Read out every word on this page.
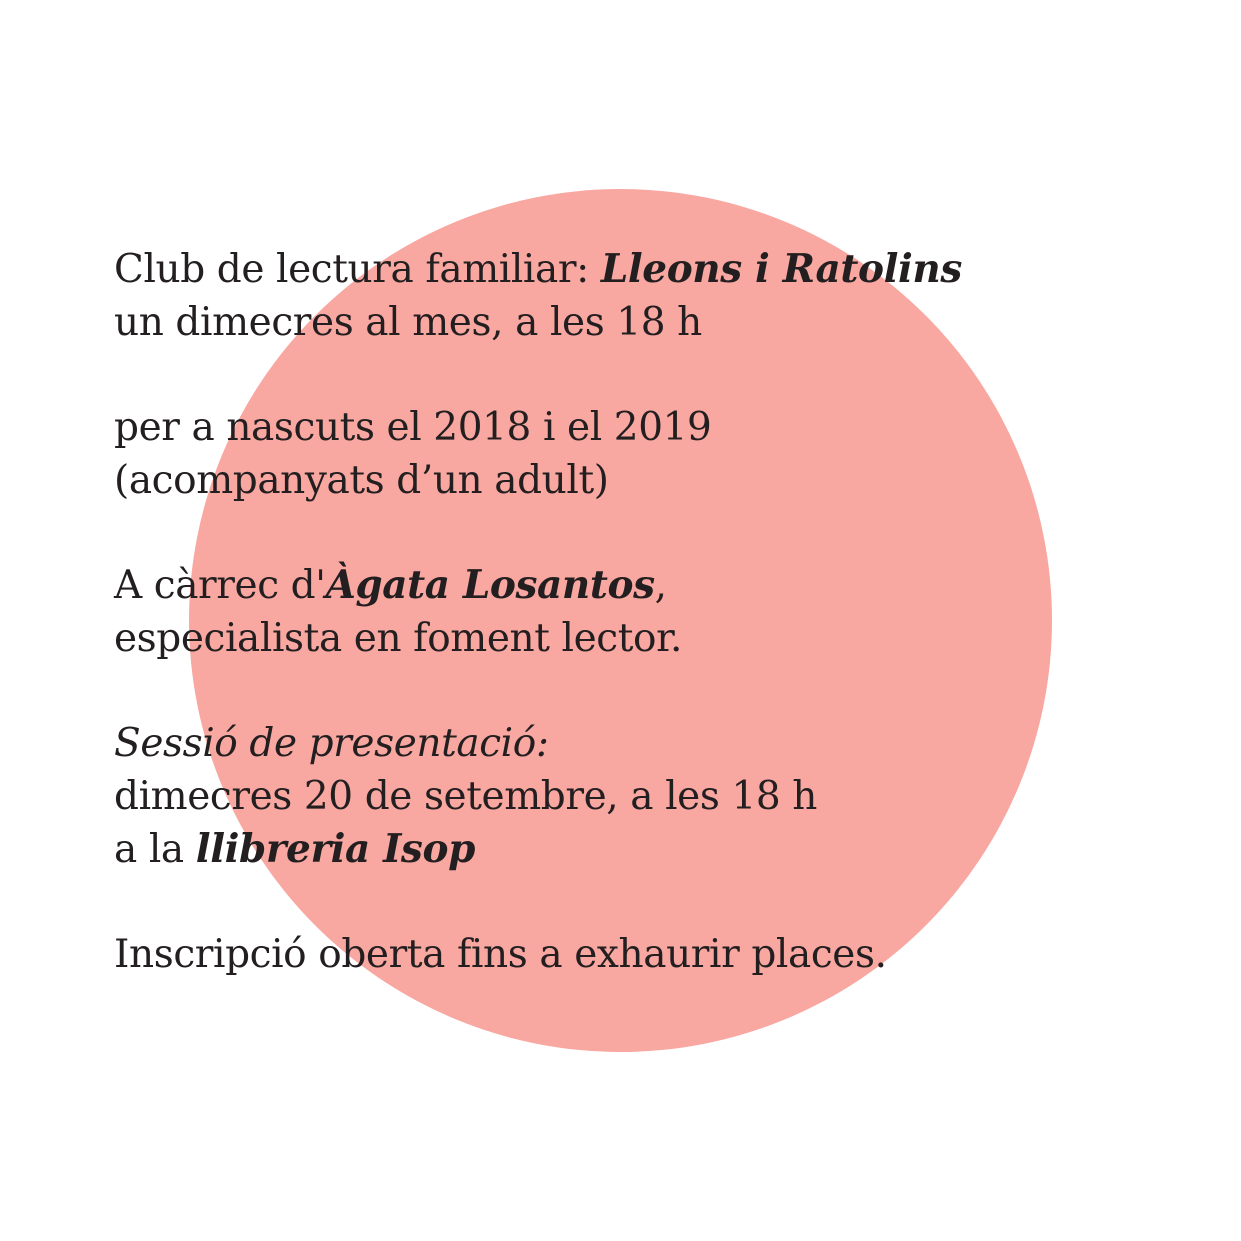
Club de lectura familiar: Lleons i Ratolins
un dimecres al mes, a les 18 h
per a nascuts el 2018 i el 2019
(acompanyats d’un adult)
A càrrec d'Àgata Losantos,
especialista en foment lector.
Sessió de presentació:
dimecres 20 de setembre, a les 18 h
a la llibreria Isop
Inscripció oberta fins a exhaurir places.
